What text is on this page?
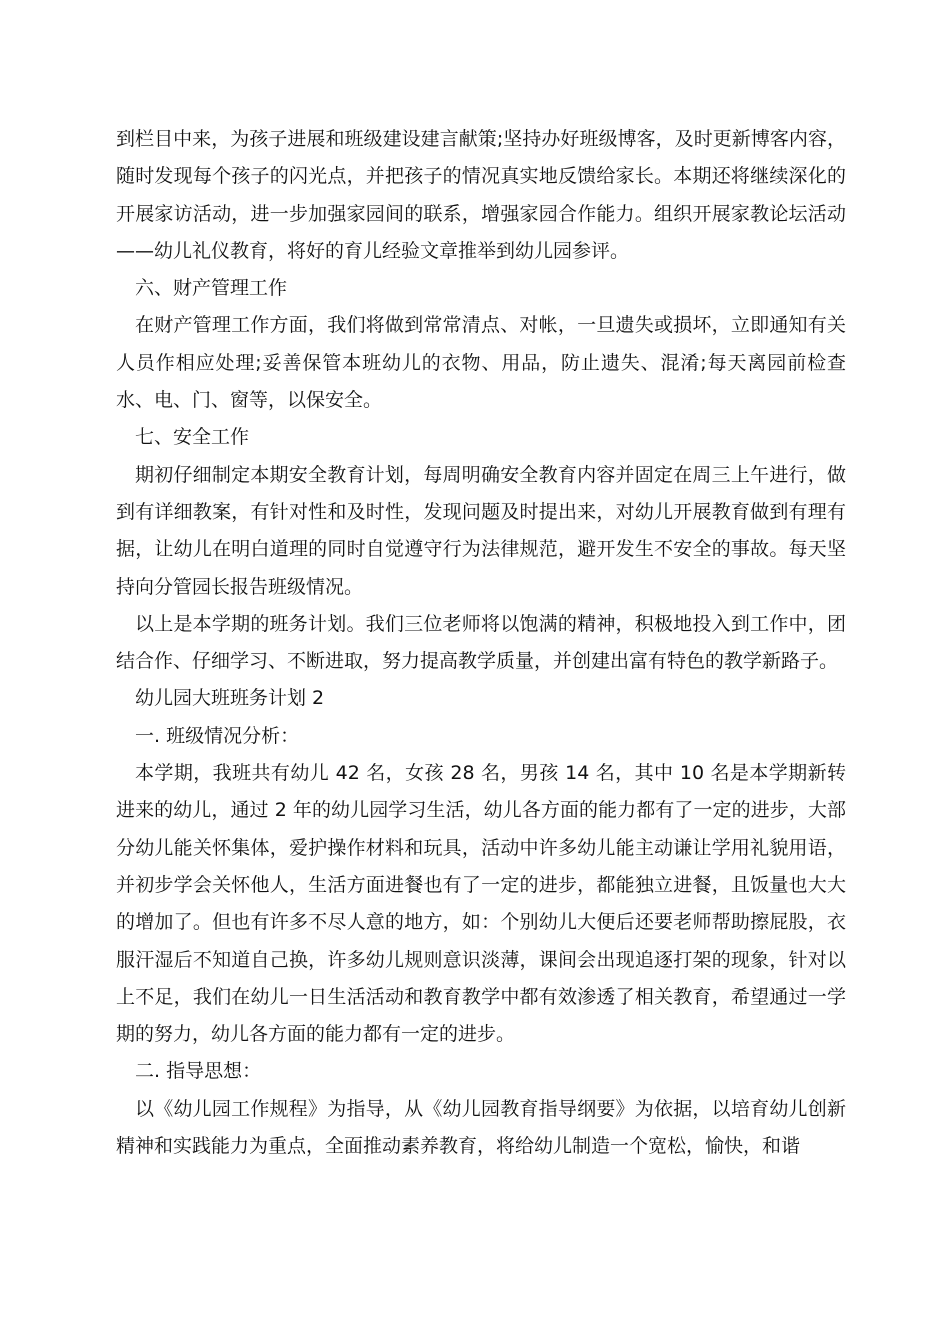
到栏目中来，为孩子进展和班级建设建言献策;坚持办好班级博客，及时更新博客内容，随时发现每个孩子的闪光点，并把孩子的情况真实地反馈给家长。本期还将继续深化的开展家访活动，进一步加强家园间的联系，增强家园合作能力。组织开展家教论坛活动——幼儿礼仪教育，将好的育儿经验文章推举到幼儿园参评。

六、财产管理工作

在财产管理工作方面，我们将做到常常清点、对帐，一旦遗失或损坏，立即通知有关人员作相应处理;妥善保管本班幼儿的衣物、用品，防止遗失、混淆;每天离园前检查水、电、门、窗等，以保安全。

七、安全工作

期初仔细制定本期安全教育计划，每周明确安全教育内容并固定在周三上午进行，做到有详细教案，有针对性和及时性，发现问题及时提出来，对幼儿开展教育做到有理有据，让幼儿在明白道理的同时自觉遵守行为法律规范，避开发生不安全的事故。每天坚持向分管园长报告班级情况。

以上是本学期的班务计划。我们三位老师将以饱满的精神，积极地投入到工作中，团结合作、仔细学习、不断进取，努力提高教学质量，并创建出富有特色的教学新路子。

幼儿园大班班务计划 2

一. 班级情况分析：

本学期，我班共有幼儿 42 名，女孩 28 名，男孩 14 名，其中 10 名是本学期新转进来的幼儿，通过 2 年的幼儿园学习生活，幼儿各方面的能力都有了一定的进步，大部分幼儿能关怀集体，爱护操作材料和玩具，活动中许多幼儿能主动谦让学用礼貌用语，并初步学会关怀他人，生活方面进餐也有了一定的进步，都能独立进餐，且饭量也大大的增加了。但也有许多不尽人意的地方，如：个别幼儿大便后还要老师帮助擦屁股，衣服汗湿后不知道自己换，许多幼儿规则意识淡薄，课间会出现追逐打架的现象，针对以上不足，我们在幼儿一日生活活动和教育教学中都有效渗透了相关教育，希望通过一学期的努力，幼儿各方面的能力都有一定的进步。

二. 指导思想：

以《幼儿园工作规程》为指导，从《幼儿园教育指导纲要》为依据，以培育幼儿创新精神和实践能力为重点，全面推动素养教育，将给幼儿制造一个宽松，愉快，和谐
